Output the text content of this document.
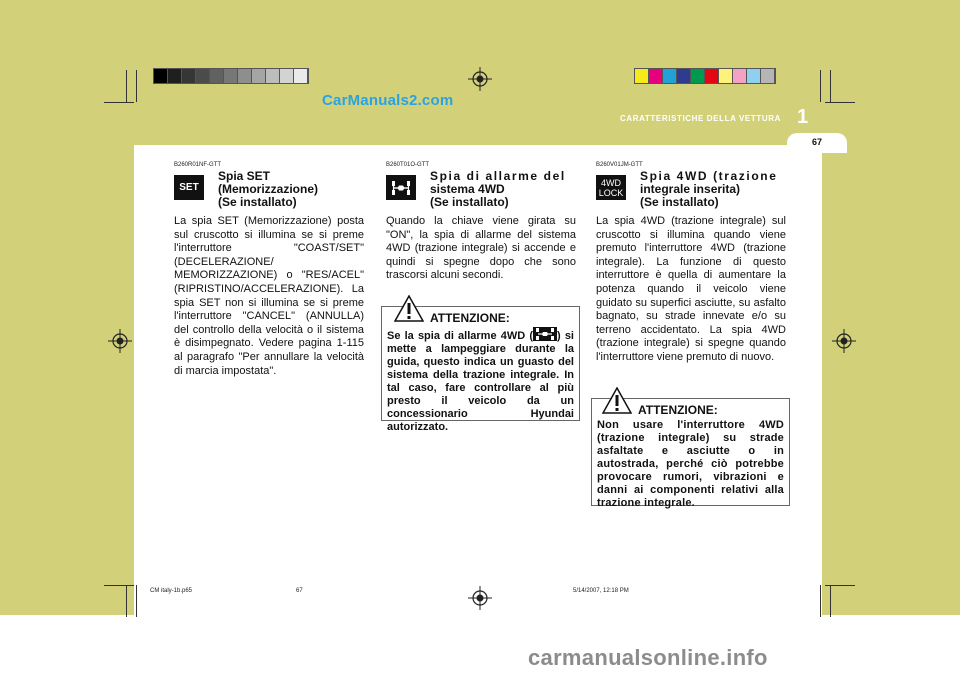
CarManuals2.com
1
CARATTERISTICHE DELLA VETTURA
67
B260R01NF-GTT
SET
Spia SET
(Memorizzazione)
(Se installato)

La spia SET (Memorizzazione) posta sul cruscotto si illumina se si preme l'interruttore "COAST/SET" (DECELERAZIONE/ MEMORIZZAZIONE) o "RES/ACEL" (RIPRISTINO/ACCELERAZIONE). La spia SET non si illumina se si preme l'interruttore "CANCEL" (ANNULLA) del controllo della velocità o il sistema è disimpegnato. Vedere pagina 1-115 al paragrafo "Per annullare la velocità di marcia impostata".

B260T01O-GTT
Spia di allarme del
sistema 4WD
(Se installato)

Quando la chiave viene girata su "ON", la spia di allarme del sistema 4WD (trazione integrale) si accende e quindi si spegne dopo che sono trascorsi alcuni secondi.

ATTENZIONE:

Se la spia di allarme 4WD ( ) si mette a lampeggiare durante la guida, questo indica un guasto del sistema della trazione integrale. In tal caso, fare controllare al più presto il veicolo da un concessionario Hyundai autorizzato.

B260V01JM-GTT
4WD
LOCK
Spia 4WD (trazione
integrale inserita)
(Se installato)

La spia 4WD (trazione integrale) sul cruscotto si illumina quando viene premuto l'interruttore 4WD (trazione integrale). La funzione di questo interruttore è quella di aumentare la potenza quando il veicolo viene guidato su superfici asciutte, su asfalto bagnato, su strade innevate e/o su terreno accidentato. La spia 4WD (trazione integrale) si spegne quando l'interruttore viene premuto di nuovo.

ATTENZIONE:

Non usare l'interruttore 4WD (trazione integrale) su strade asfaltate e asciutte o in autostrada, perché ciò potrebbe provocare rumori, vibrazioni e danni ai componenti relativi alla trazione integrale.

CM italy-1b.p65	67	5/14/2007, 12:18 PM
carmanualsonline.info
